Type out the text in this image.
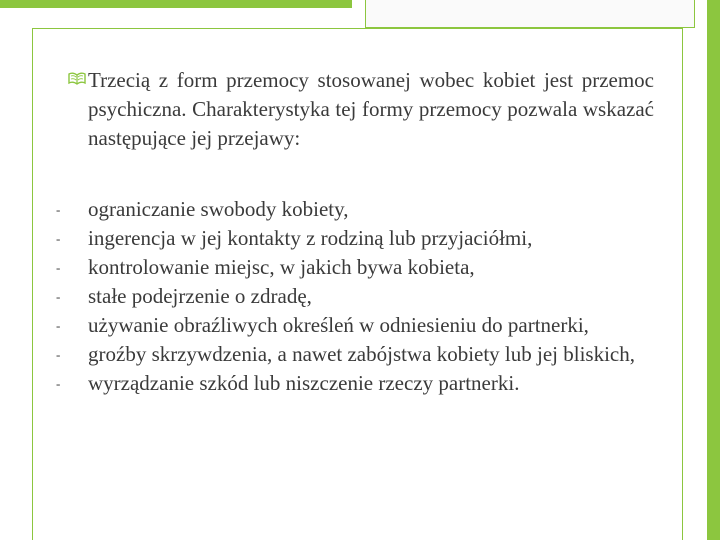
Trzecią z form przemocy stosowanej wobec kobiet jest przemoc psychiczna. Charakterystyka tej formy przemocy pozwala wskazać następujące jej przejawy:
- ograniczanie swobody kobiety,
- ingerencja w jej kontakty z rodziną lub przyjaciółmi,
- kontrolowanie miejsc, w jakich bywa kobieta,
- stałe podejrzenie o zdradę,
- używanie obraźliwych określeń w odniesieniu do partnerki,
- groźby skrzywdzenia, a nawet zabójstwa kobiety lub jej bliskich,
- wyrządzanie szkód lub niszczenie rzeczy partnerki.
